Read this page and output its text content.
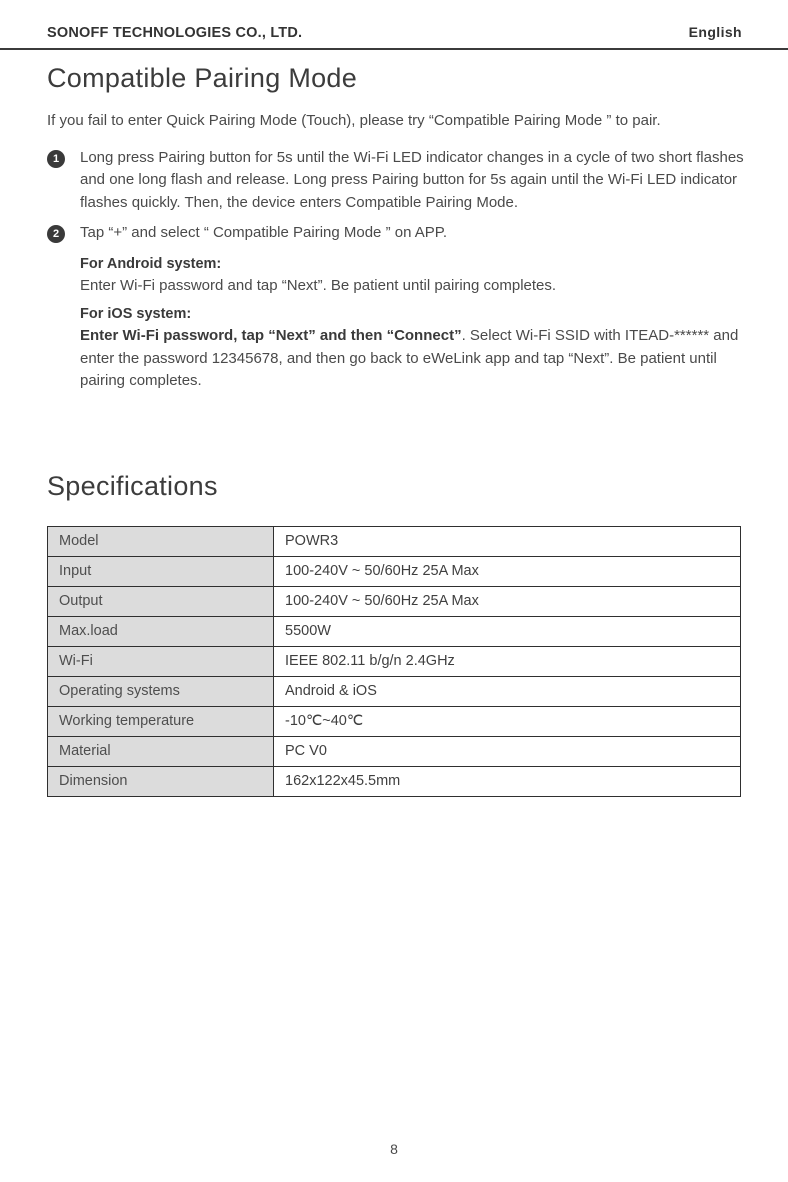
SONOFF TECHNOLOGIES CO., LTD.	English
Compatible Pairing Mode

If you fail to enter Quick Pairing Mode (Touch), please try “Compatible Pairing Mode ” to pair.

1	Long press Pairing button for 5s until the Wi-Fi LED indicator changes in a cycle of two short flashes and one long flash and release. Long press Pairing button for 5s again until the Wi-Fi LED indicator flashes quickly. Then, the device enters Compatible Pairing Mode.
2	Tap “+” and select “ Compatible Pairing Mode ” on APP.
For Android system:
Enter Wi-Fi password and tap “Next”. Be patient until pairing completes.
For iOS system:
Enter Wi-Fi password, tap “Next” and then “Connect”. Select Wi-Fi SSID with ITEAD-****** and enter the password 12345678, and then go back to eWeLink app and tap “Next”. Be patient until pairing completes.
Specifications
Model	POWR3
Input	100-240V ~ 50/60Hz 25A Max
Output	100-240V ~ 50/60Hz 25A Max
Max.load	5500W
Wi-Fi	IEEE 802.11 b/g/n 2.4GHz
Operating systems	Android & iOS
Working temperature	-10℃~40℃
Material	PC V0
Dimension	162x122x45.5mm
8
